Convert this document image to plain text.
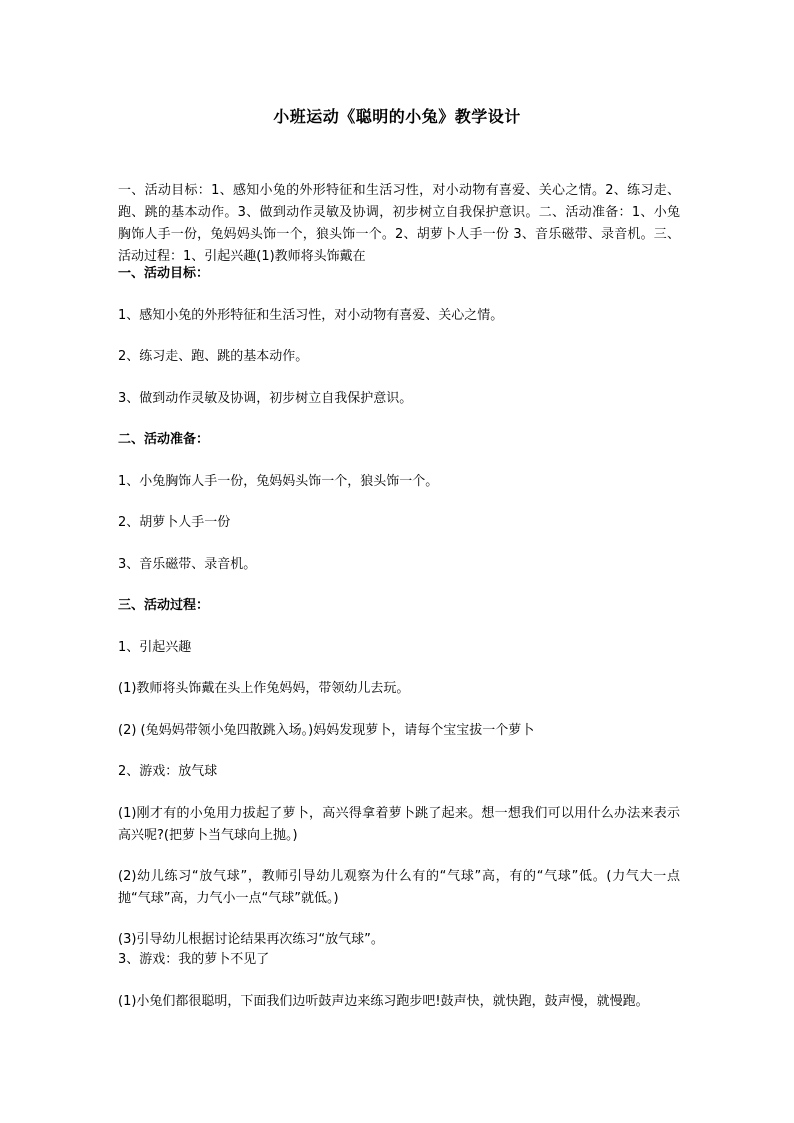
小班运动《聪明的小兔》教学设计

一、活动目标：1、感知小兔的外形特征和生活习性，对小动物有喜爱、关心之情。2、练习走、跑、跳的基本动作。3、做到动作灵敏及协调，初步树立自我保护意识。二、活动准备：1、小兔胸饰人手一份，兔妈妈头饰一个，狼头饰一个。2、胡萝卜人手一份 3、音乐磁带、录音机。三、活动过程：1、引起兴趣(1)教师将头饰戴在

一、活动目标：

1、感知小兔的外形特征和生活习性，对小动物有喜爱、关心之情。

2、练习走、跑、跳的基本动作。

3、做到动作灵敏及协调，初步树立自我保护意识。

二、活动准备：

1、小兔胸饰人手一份，兔妈妈头饰一个，狼头饰一个。

2、胡萝卜人手一份

3、音乐磁带、录音机。

三、活动过程：

1、引起兴趣

(1)教师将头饰戴在头上作兔妈妈，带领幼儿去玩。

(2) (兔妈妈带领小兔四散跳入场。)妈妈发现萝卜，请每个宝宝拔一个萝卜

2、游戏：放气球

(1)刚才有的小兔用力拔起了萝卜，高兴得拿着萝卜跳了起来。想一想我们可以用什么办法来表示高兴呢?(把萝卜当气球向上抛。)

(2)幼儿练习“放气球”，教师引导幼儿观察为什么有的“气球”高，有的“气球”低。(力气大一点抛“气球”高，力气小一点“气球”就低。)

(3)引导幼儿根据讨论结果再次练习“放气球”。

3、游戏：我的萝卜不见了

(1)小兔们都很聪明，下面我们边听鼓声边来练习跑步吧!鼓声快，就快跑，鼓声慢，就慢跑。
